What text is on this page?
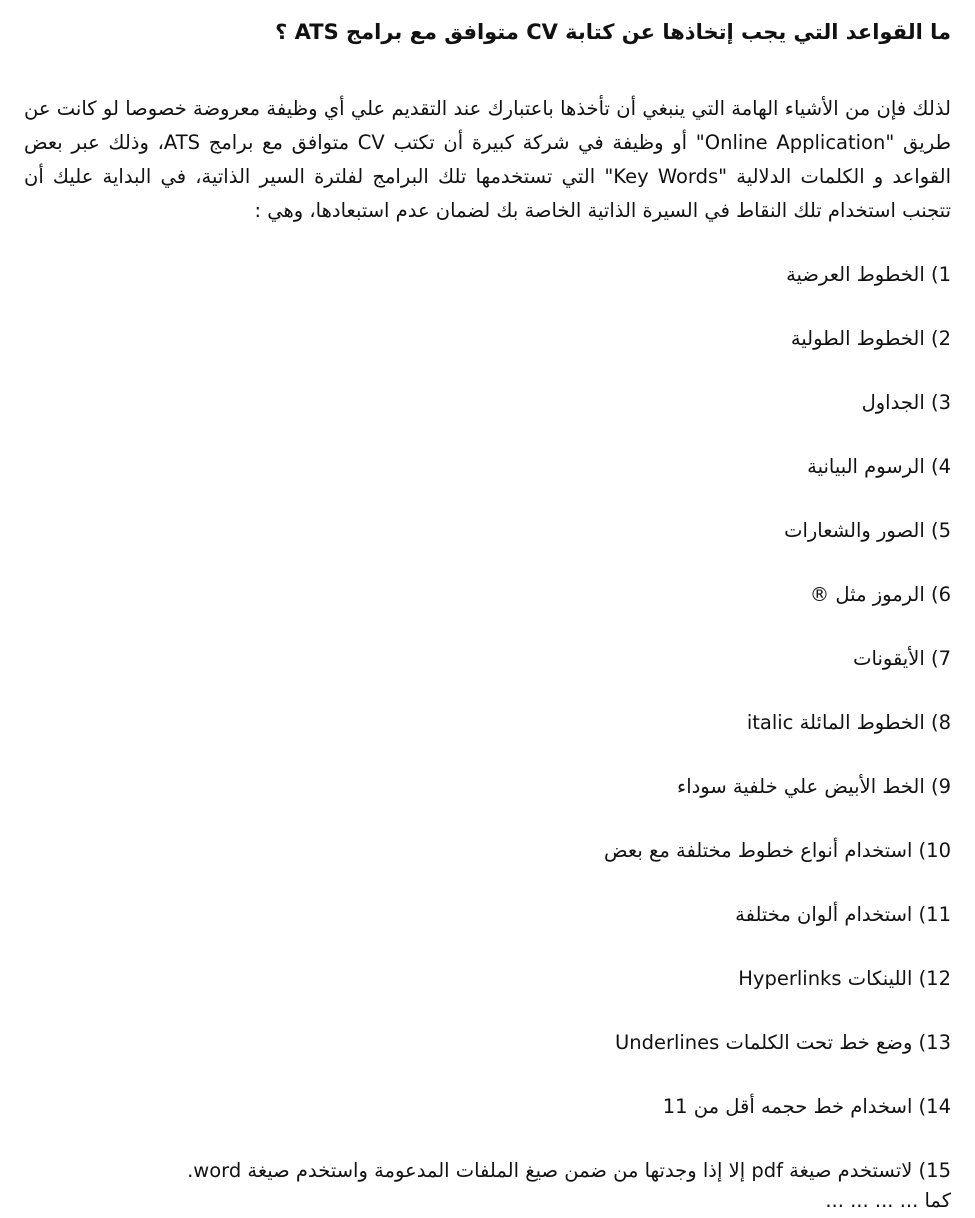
ما القواعد التي يجب إتخاذها عن كتابة CV متوافق مع برامج ATS ؟

لذلك فإن من الأشياء الهامة التي ينبغي أن تأخذها باعتبارك عند التقديم علي أي وظيفة معروضة خصوصا لو كانت عن طريق "Online Application" أو وظيفة في شركة كبيرة أن تكتب CV متوافق مع برامج ATS، وذلك عبر بعض القواعد و الكلمات الدلالية "Key Words" التي تستخدمها تلك البرامج لفلترة السير الذاتية، في البداية عليك أن تتجنب استخدام تلك النقاط في السيرة الذاتية الخاصة بك لضمان عدم استبعادها، وهي :

1) الخطوط العرضية
2) الخطوط الطولية
3) الجداول
4) الرسوم البيانية
5) الصور والشعارات
6) الرموز مثل ®
7) الأيقونات
8) الخطوط المائلة italic
9) الخط الأبيض علي خلفية سوداء
10) استخدام أنواع خطوط مختلفة مع بعض
11) استخدام ألوان مختلفة
12) اللينكات Hyperlinks
13) وضع خط تحت الكلمات Underlines
14) اسخدام خط حجمه أقل من 11
15) لاتستخدم صيغة pdf إلا إذا وجدتها من ضمن صيغ الملفات المدعومة واستخدم صيغة word.
كما ... ... ... ...
